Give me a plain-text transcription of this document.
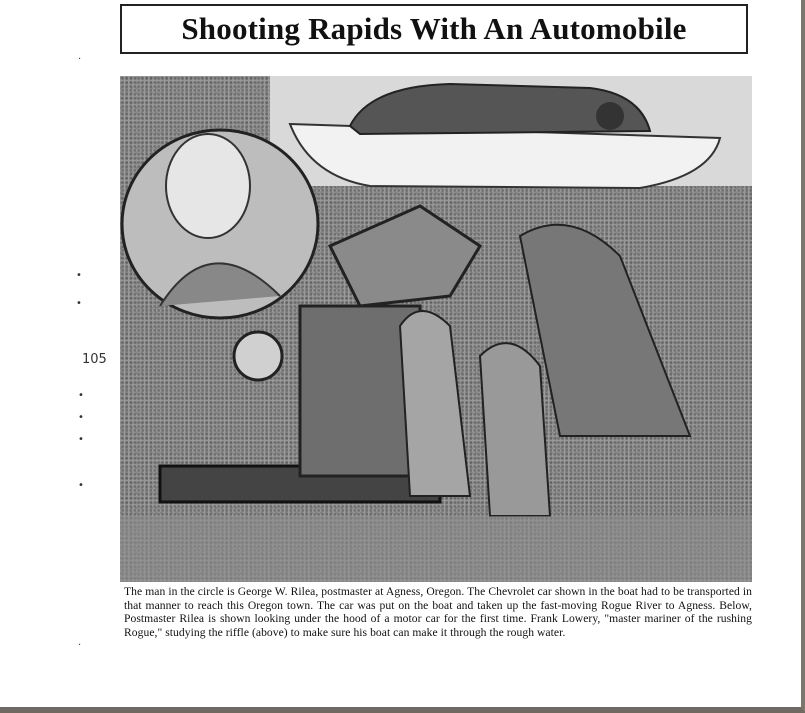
·
•
•
105
•
•
•
•
·
Shooting Rapids With An Automobile
The man in the circle is George W. Rilea, postmaster at Agness, Oregon. The Chevrolet car shown in the boat had to be transported in that manner to reach this Oregon town. The car was put on the boat and taken up the fast-moving Rogue River to Agness. Below, Postmaster Rilea is shown looking under the hood of a motor car for the first time. Frank Lowery, "master mariner of the rushing Rogue," studying the riffle (above) to make sure his boat can make it through the rough water.
